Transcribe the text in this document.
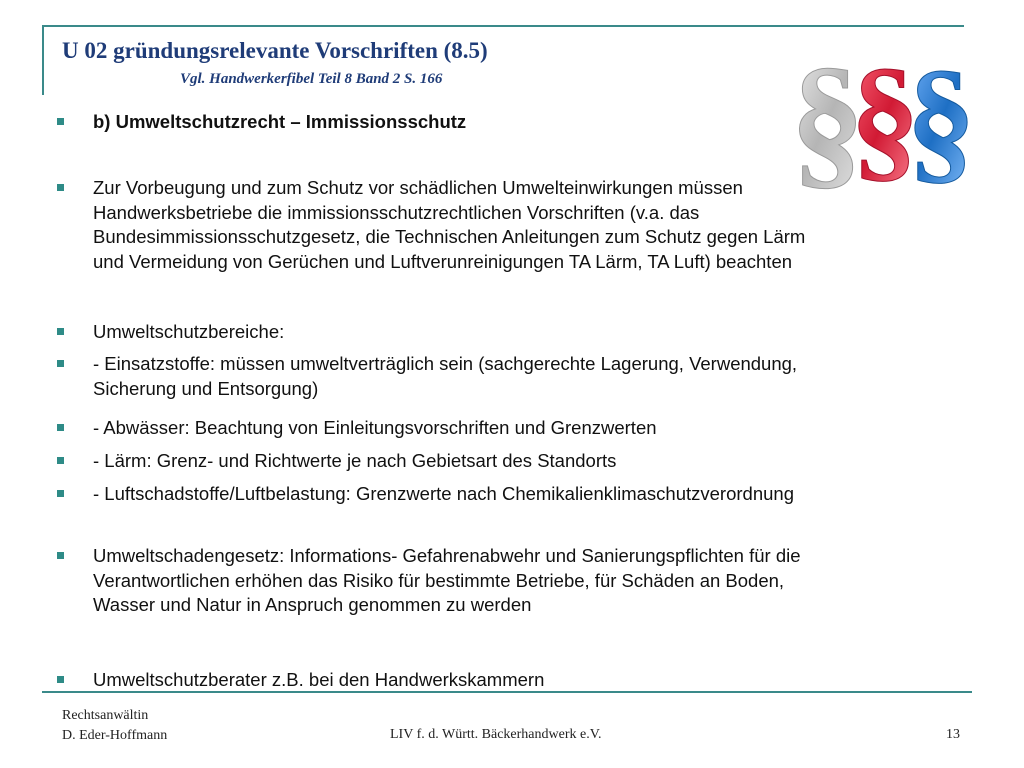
U 02 gründungsrelevante Vorschriften (8.5)

Vgl. Handwerkerfibel Teil 8 Band 2 S. 166 §
§
§
b) Umweltschutzrecht – Immissionsschutz
Zur Vorbeugung und zum Schutz vor schädlichen Umwelteinwirkungen müssen
Handwerksbetriebe die immissionsschutzrechtlichen Vorschriften (v.a. das
Bundesimmissionsschutzgesetz, die Technischen Anleitungen zum Schutz gegen Lärm
und Vermeidung von Gerüchen und Luftverunreinigungen TA Lärm, TA Luft) beachten
Umweltschutzbereiche:
- Einsatzstoffe: müssen umweltverträglich sein (sachgerechte Lagerung, Verwendung,
Sicherung und Entsorgung)
- Abwässer: Beachtung von Einleitungsvorschriften und Grenzwerten
- Lärm: Grenz- und Richtwerte je nach Gebietsart des Standorts
- Luftschadstoffe/Luftbelastung: Grenzwerte nach Chemikalienklimaschutzverordnung
Umweltschadengesetz: Informations- Gefahrenabwehr und Sanierungspflichten für die
Verantwortlichen erhöhen das Risiko für bestimmte Betriebe, für Schäden an Boden,
Wasser und Natur in Anspruch genommen zu werden
Umweltschutzberater z.B. bei den Handwerkskammern
Rechtsanwältin
D. Eder-Hoffmann	LIV f. d. Württ. Bäckerhandwerk e.V.	13
